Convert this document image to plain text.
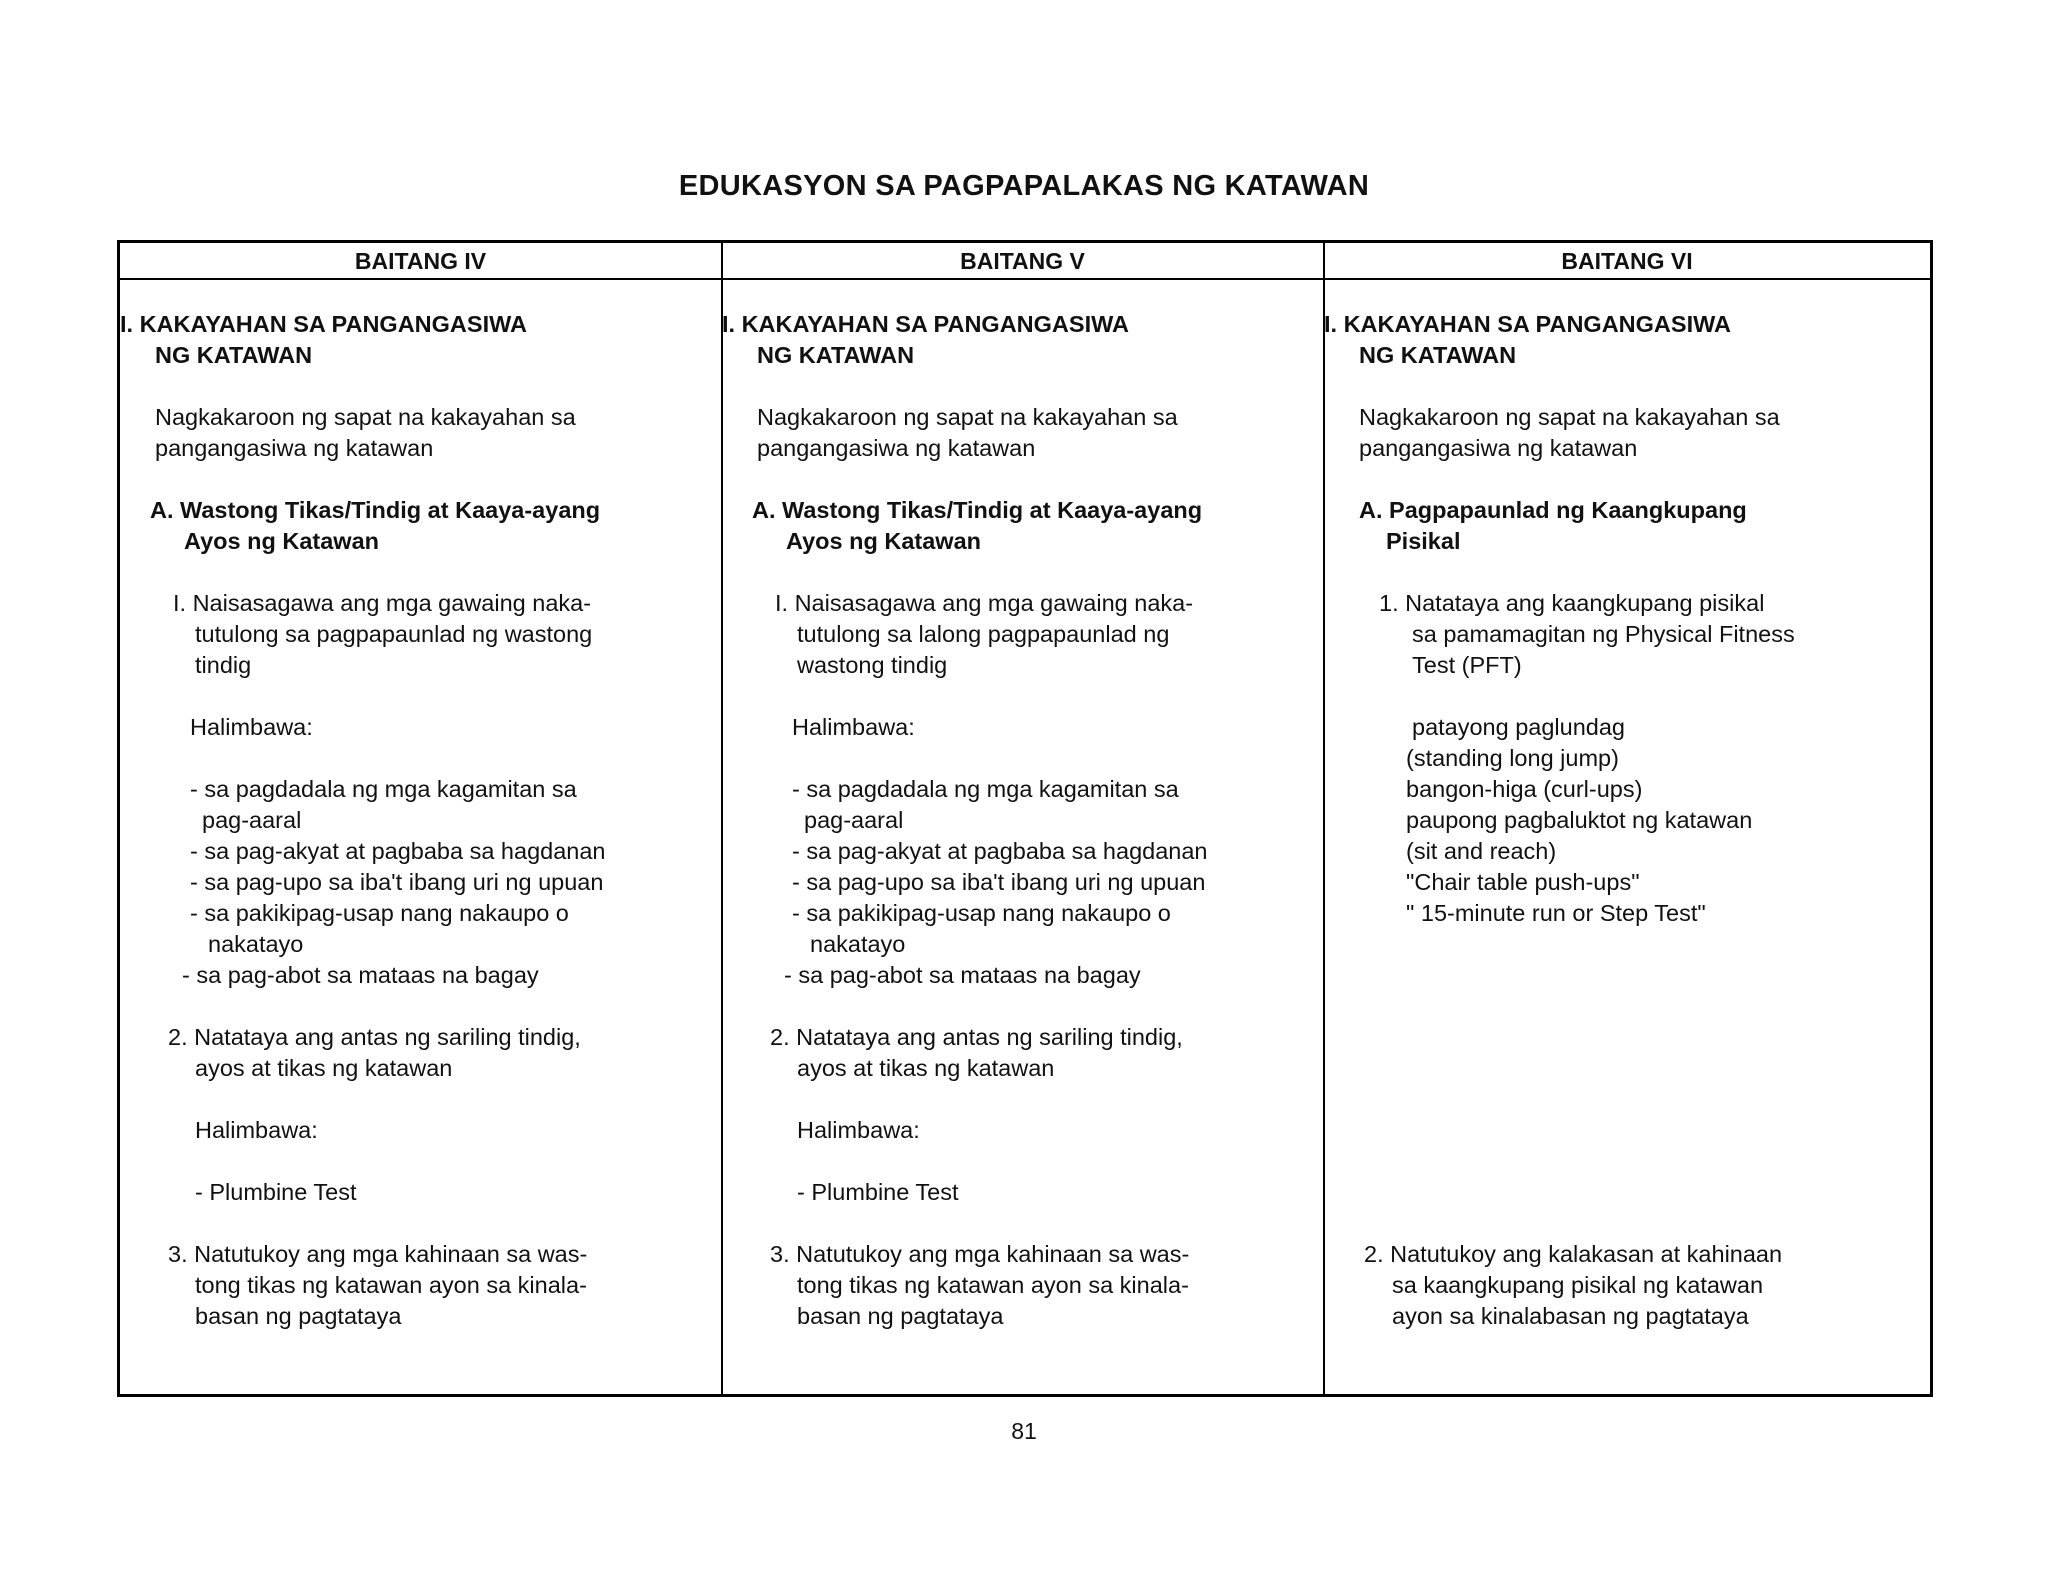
EDUKASYON SA PAGPAPALAKAS NG KATAWAN
BAITANG IV	BAITANG V	BAITANG VI
I. KAKAYAHAN SA PANGANGASIWA
NG KATAWAN
Nagkakaroon ng sapat na kakayahan sa
pangangasiwa ng katawan
A. Wastong Tikas/Tindig at Kaaya-ayang
Ayos ng Katawan
I. Naisasagawa ang mga gawaing naka-
tutulong sa pagpapaunlad ng wastong
tindig
Halimbawa:
- sa pagdadala ng mga kagamitan sa
pag-aaral
- sa pag-akyat at pagbaba sa hagdanan
- sa pag-upo sa iba't ibang uri ng upuan
- sa pakikipag-usap nang nakaupo o
nakatayo
- sa pag-abot sa mataas na bagay
2. Natataya ang antas ng sariling tindig,
ayos at tikas ng katawan
Halimbawa:
- Plumbine Test
3. Natutukoy ang mga kahinaan sa was-
tong tikas ng katawan ayon sa kinala-
basan ng pagtataya
I. KAKAYAHAN SA PANGANGASIWA
NG KATAWAN
Nagkakaroon ng sapat na kakayahan sa
pangangasiwa ng katawan
A. Wastong Tikas/Tindig at Kaaya-ayang
Ayos ng Katawan
I. Naisasagawa ang mga gawaing naka-
tutulong sa lalong pagpapaunlad ng
wastong tindig
Halimbawa:
- sa pagdadala ng mga kagamitan sa
pag-aaral
- sa pag-akyat at pagbaba sa hagdanan
- sa pag-upo sa iba't ibang uri ng upuan
- sa pakikipag-usap nang nakaupo o
nakatayo
- sa pag-abot sa mataas na bagay
2. Natataya ang antas ng sariling tindig,
ayos at tikas ng katawan
Halimbawa:
- Plumbine Test
3. Natutukoy ang mga kahinaan sa was-
tong tikas ng katawan ayon sa kinala-
basan ng pagtataya
I. KAKAYAHAN SA PANGANGASIWA
NG KATAWAN
Nagkakaroon ng sapat na kakayahan sa
pangangasiwa ng katawan
A. Pagpapaunlad ng Kaangkupang
Pisikal
1. Natataya ang kaangkupang pisikal
sa pamamagitan ng Physical Fitness
Test (PFT)
patayong paglundag
(standing long jump)
bangon-higa (curl-ups)
paupong pagbaluktot ng katawan
(sit and reach)
"Chair table push-ups"
" 15-minute run or Step Test"
2. Natutukoy ang kalakasan at kahinaan
sa kaangkupang pisikal ng katawan
ayon sa kinalabasan ng pagtataya
81
